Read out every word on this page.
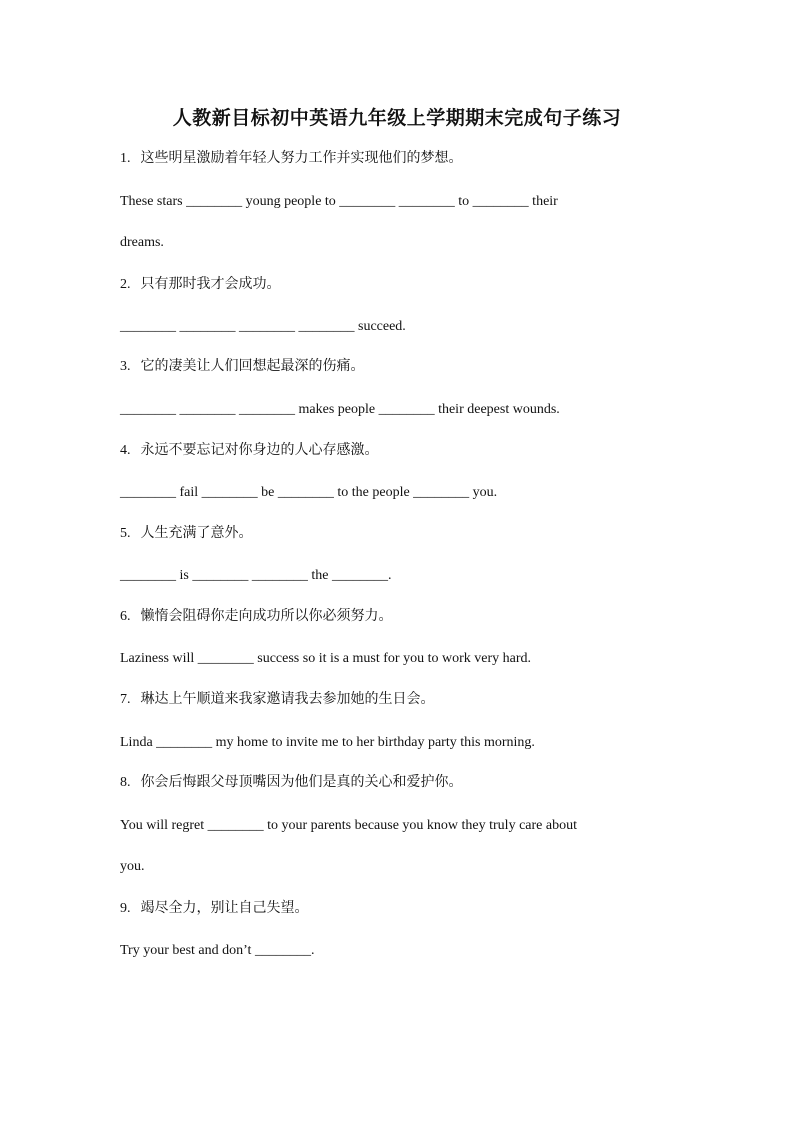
人教新目标初中英语九年级上学期期末完成句子练习
1. 这些明星激励着年轻人努力工作并实现他们的梦想。
These stars ________ young people to ________ ________ to ________ their
dreams.
2. 只有那时我才会成功。
________ ________ ________ ________ succeed.
3. 它的凄美让人们回想起最深的伤痛。
________ ________ ________ makes people ________ their deepest wounds.
4. 永远不要忘记对你身边的人心存感激。
________ fail ________ be ________ to the people ________ you.
5. 人生充满了意外。
________ is ________ ________ the ________.
6. 懒惰会阻碍你走向成功所以你必须努力。
Laziness will ________ success so it is a must for you to work very hard.
7. 琳达上午顺道来我家邀请我去参加她的生日会。
Linda ________ my home to invite me to her birthday party this morning.
8. 你会后悔跟父母顶嘴因为他们是真的关心和爱护你。
You will regret ________ to your parents because you know they truly care about
you.
9. 竭尽全力，别让自己失望。
Try your best and don’t ________.
